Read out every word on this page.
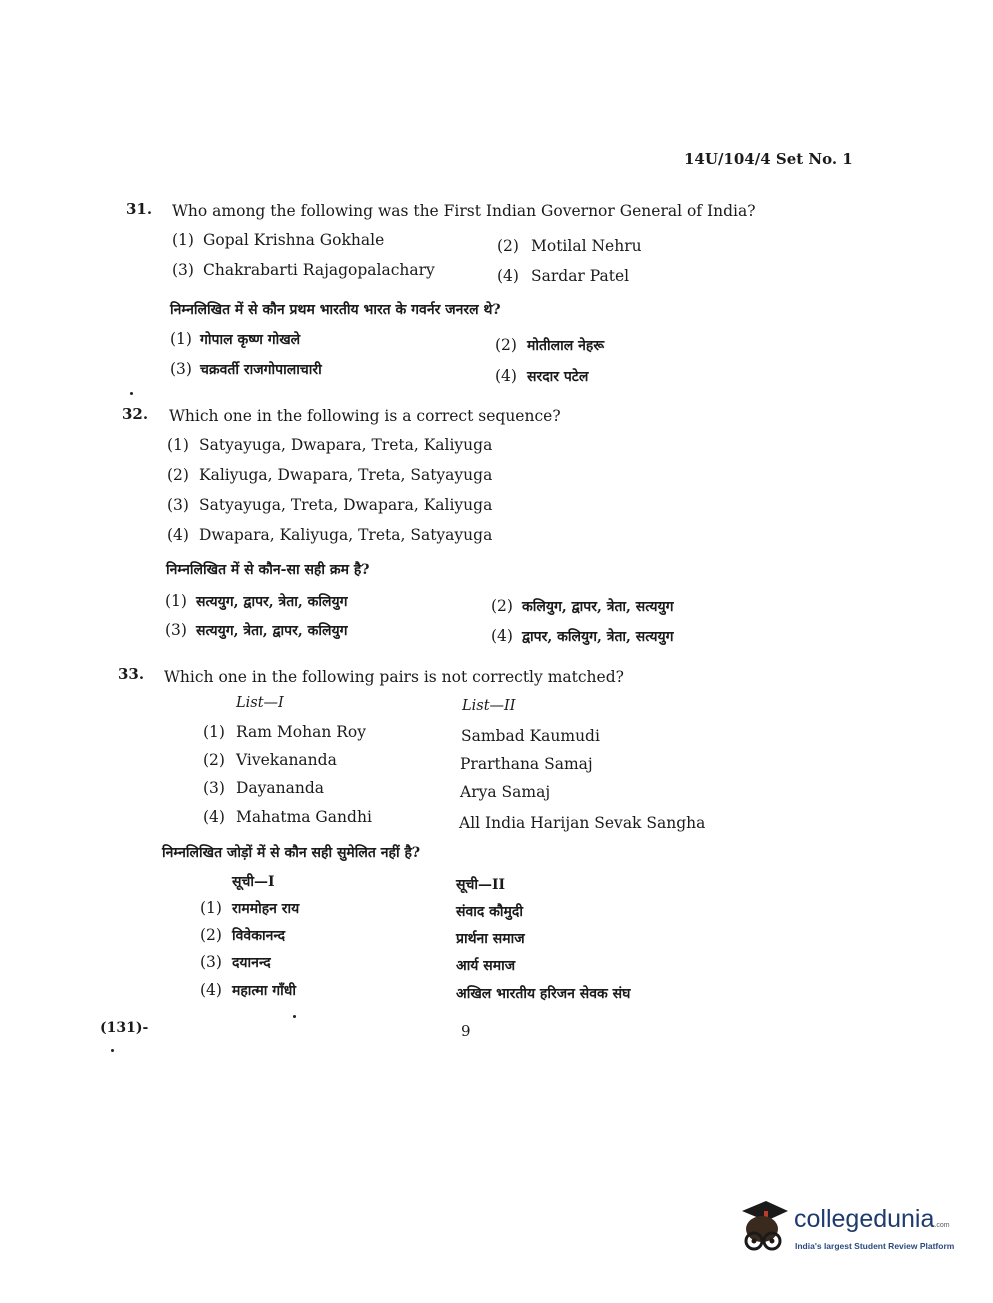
14U/104/4 Set No. 1
31. Who among the following was the First Indian Governor General of India?
(1) Gopal Krishna Gokhale	(2) Motilal Nehru
(3) Chakrabarti Rajagopalachary	(4) Sardar Patel
निम्नलिखित में से कौन प्रथम भारतीय भारत के गवर्नर जनरल थे?
(1) गोपाल कृष्ण गोखले	(2) मोतीलाल नेहरू
(3) चक्रवर्ती राजगोपालाचारी	(4) सरदार पटेल
32. Which one in the following is a correct sequence?
(1) Satyayuga, Dwapara, Treta, Kaliyuga
(2) Kaliyuga, Dwapara, Treta, Satyayuga
(3) Satyayuga, Treta, Dwapara, Kaliyuga
(4) Dwapara, Kaliyuga, Treta, Satyayuga
निम्नलिखित में से कौन-सा सही क्रम है?
(1) सत्ययुग, द्वापर, त्रेता, कलियुग	(2) कलियुग, द्वापर, त्रेता, सत्ययुग
(3) सत्ययुग, त्रेता, द्वापर, कलियुग	(4) द्वापर, कलियुग, त्रेता, सत्ययुग
33. Which one in the following pairs is not correctly matched?
List—I	List—II
(1) Ram Mohan Roy	Sambad Kaumudi
(2) Vivekananda	Prarthana Samaj
(3) Dayananda	Arya Samaj
(4) Mahatma Gandhi	All India Harijan Sevak Sangha
निम्नलिखित जोड़ों में से कौन सही सुमेलित नहीं है?
सूची—I	सूची—II
(1) राममोहन राय	संवाद कौमुदी
(2) विवेकानन्द	प्रार्थना समाज
(3) दयानन्द	आर्य समाज
(4) महात्मा गाँधी	अखिल भारतीय हरिजन सेवक संघ
(131)-	9
collegedunia.com
India's largest Student Review Platform
